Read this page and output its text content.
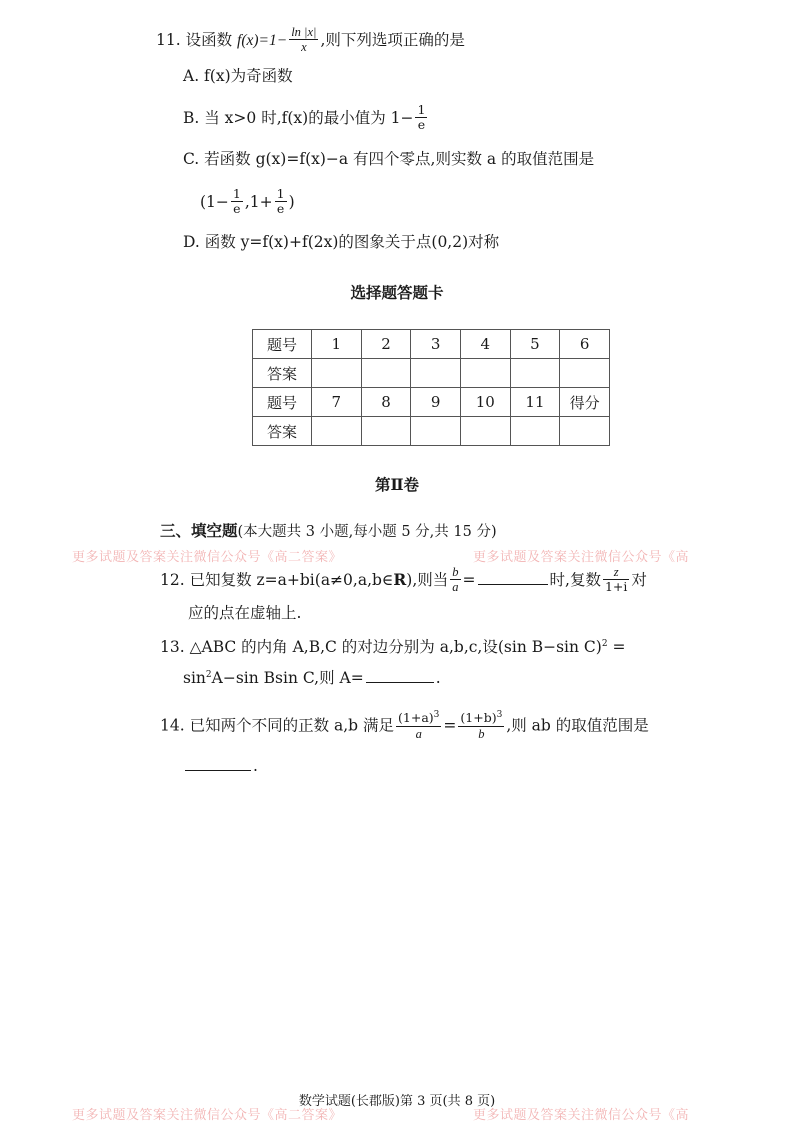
11. 设函数 $f(x)=1- \frac{\ln |x|}{x}$ ,则下列选项正确的是
A. f(x)为奇函数
B. 当 x>0 时,f(x)的最小值为 $1- \frac{1}{e}$
C. 若函数 g(x)=f(x)−a 有四个零点,则实数 a 的取值范围是
($1- \frac{1}{e} ,1+ \frac{1}{e}$ )
D. 函数 y=f(x)+f(2x)的图象关于点(0,2)对称
选择题答题卡
题号	1	2	3	4	5	6
答案						
题号	7	8	9	10	11	得分
答案						
第Ⅱ卷
三、填空题(本大题共 3 小题,每小题 5 分,共 15 分)
更多试题及答案关注微信公众号《高二答案》	更多试题及答案关注微信公众号《高
12. 已知复数 z=a+bi(a≠0,a,b∈R),则当 $\frac{b}{a}$ =	时,复数 $\frac{z}{1+i}$ 对
应的点在虚轴上.
13. △ABC 的内角 A,B,C 的对边分别为 a,b,c,设(sin B−sin C)$^2$ =
$\sin^2A-\sin$ Bsin C,则 A=	.
14. 已知两个不同的正数 a,b 满足 $\frac{(1+a)^3}{a} = \frac{(1+b)^3}{b}$ ,则 ab 的取值范围是
.
数学试题(长郡版)第 3 页(共 8 页)
更多试题及答案关注微信公众号《高二答案》	更多试题及答案关注微信公众号《高
